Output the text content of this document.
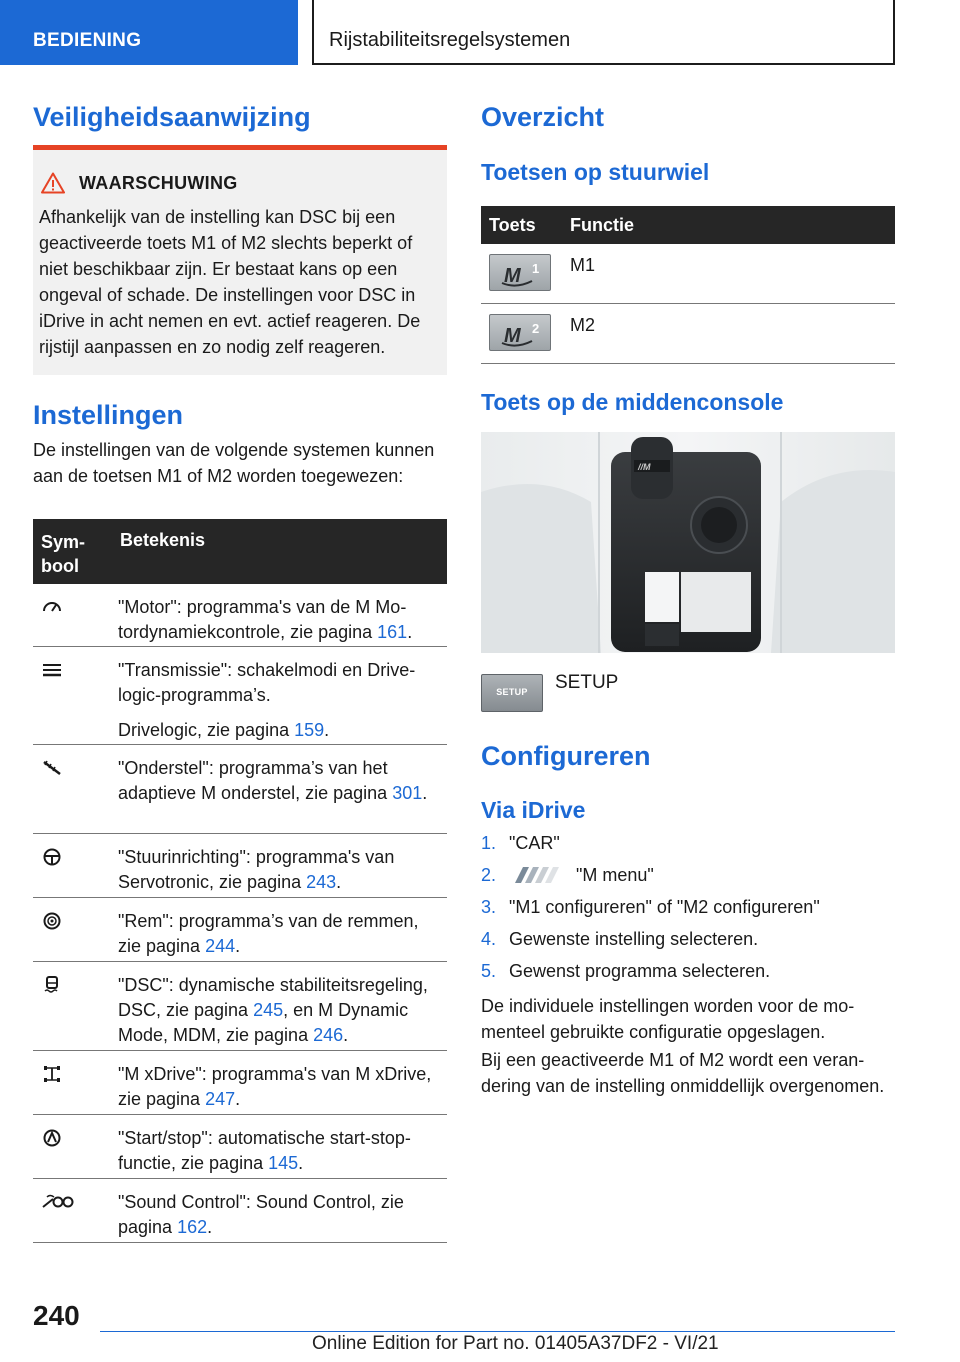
BEDIENING	Rijstabiliteitsregelsystemen
Veiligheidsaanwijzing
WAARSCHUWING
Afhankelijk van de instelling kan DSC bij een geactiveerde toets M1 of M2 slechts beperkt of niet beschikbaar zijn. Er bestaat kans op een ongeval of schade. De instellingen voor DSC in iDrive in acht nemen en evt. actief reageren. De rijstijl aanpassen en zo nodig zelf reageren.
Instellingen

De instellingen van de volgende systemen kunnen aan de toetsen M1 of M2 worden toegewezen:

Symbool
Betekenis
"Motor": programma's van de M Motordynamiekcontrole, zie pagina 161.
"Transmissie": schakelmodi en Drivelogic-programma’s.
Drivelogic, zie pagina 159.
"Onderstel": programma’s van het adaptieve M onderstel, zie pagina 301.
"Stuurinrichting": programma's van Servotronic, zie pagina 243.
"Rem": programma’s van de remmen, zie pagina 244.
"DSC": dynamische stabiliteitsregeling, DSC, zie pagina 245, en M Dynamic Mode, MDM, zie pagina 246.
"M xDrive": programma's van M xDrive, zie pagina 247.
"Start/stop": automatische start-stop-functie, zie pagina 145.
"Sound Control": Sound Control, zie pagina 162.
Overzicht
Toetsen op stuurwiel
Toets Functie
M 1 M1
M 2 M2
Toets op de middenconsole
//M
SETUP	SETUP
Configureren
Via iDrive
1. "CAR"
2.	"M menu"
3. "M1 configureren" of "M2 configureren"
4. Gewenste instelling selecteren.
5. Gewenst programma selecteren.

De individuele instellingen worden voor de momenteel gebruikte configuratie opgeslagen.

Bij een geactiveerde M1 of M2 wordt een verandering van de instelling onmiddellijk overgenomen.

240
Online Edition for Part no. 01405A37DF2 - VI/21
